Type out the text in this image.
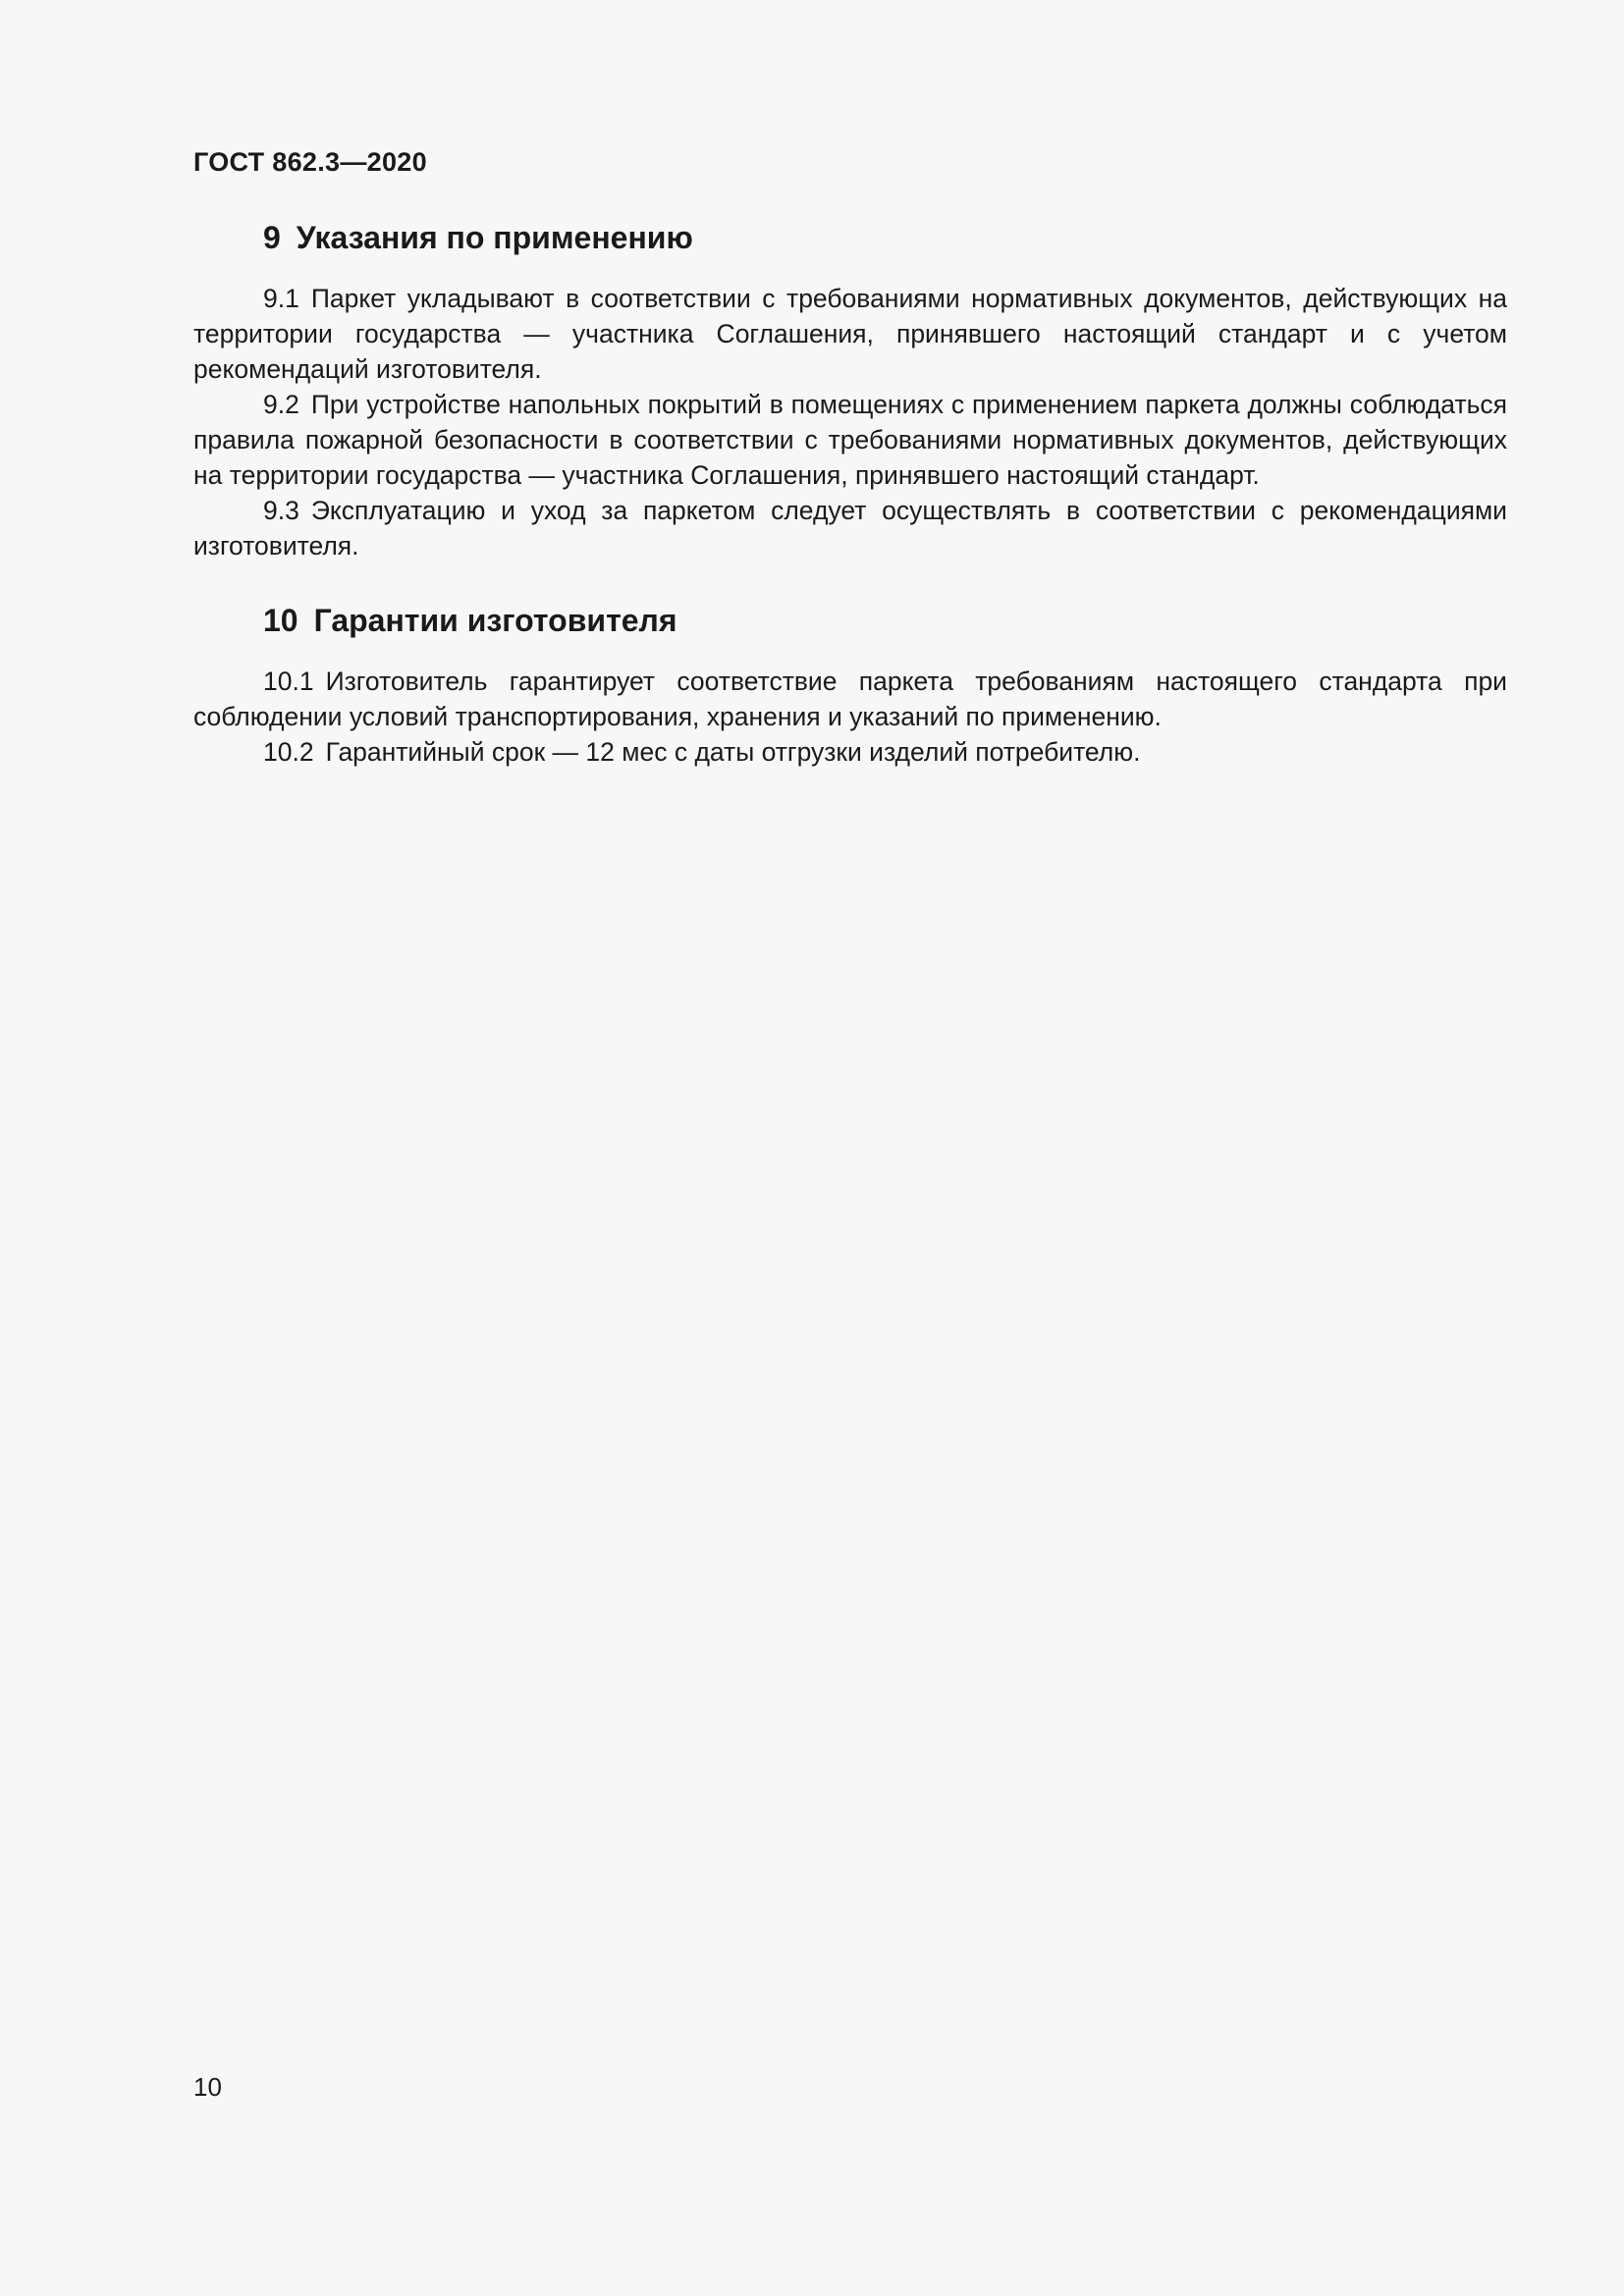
ГОСТ 862.3—2020
9 Указания по применению

9.1 Паркет укладывают в соответствии с требованиями нормативных документов, действующих на территории государства — участника Соглашения, принявшего настоящий стандарт и с учетом рекомендаций изготовителя.

9.2 При устройстве напольных покрытий в помещениях с применением паркета должны соблюдаться правила пожарной безопасности в соответствии с требованиями нормативных документов, действующих на территории государства — участника Соглашения, принявшего настоящий стандарт.

9.3 Эксплуатацию и уход за паркетом следует осуществлять в соответствии с рекомендациями изготовителя.

10 Гарантии изготовителя

10.1 Изготовитель гарантирует соответствие паркета требованиям настоящего стандарта при соблюдении условий транспортирования, хранения и указаний по применению.

10.2 Гарантийный срок — 12 мес с даты отгрузки изделий потребителю.

10
